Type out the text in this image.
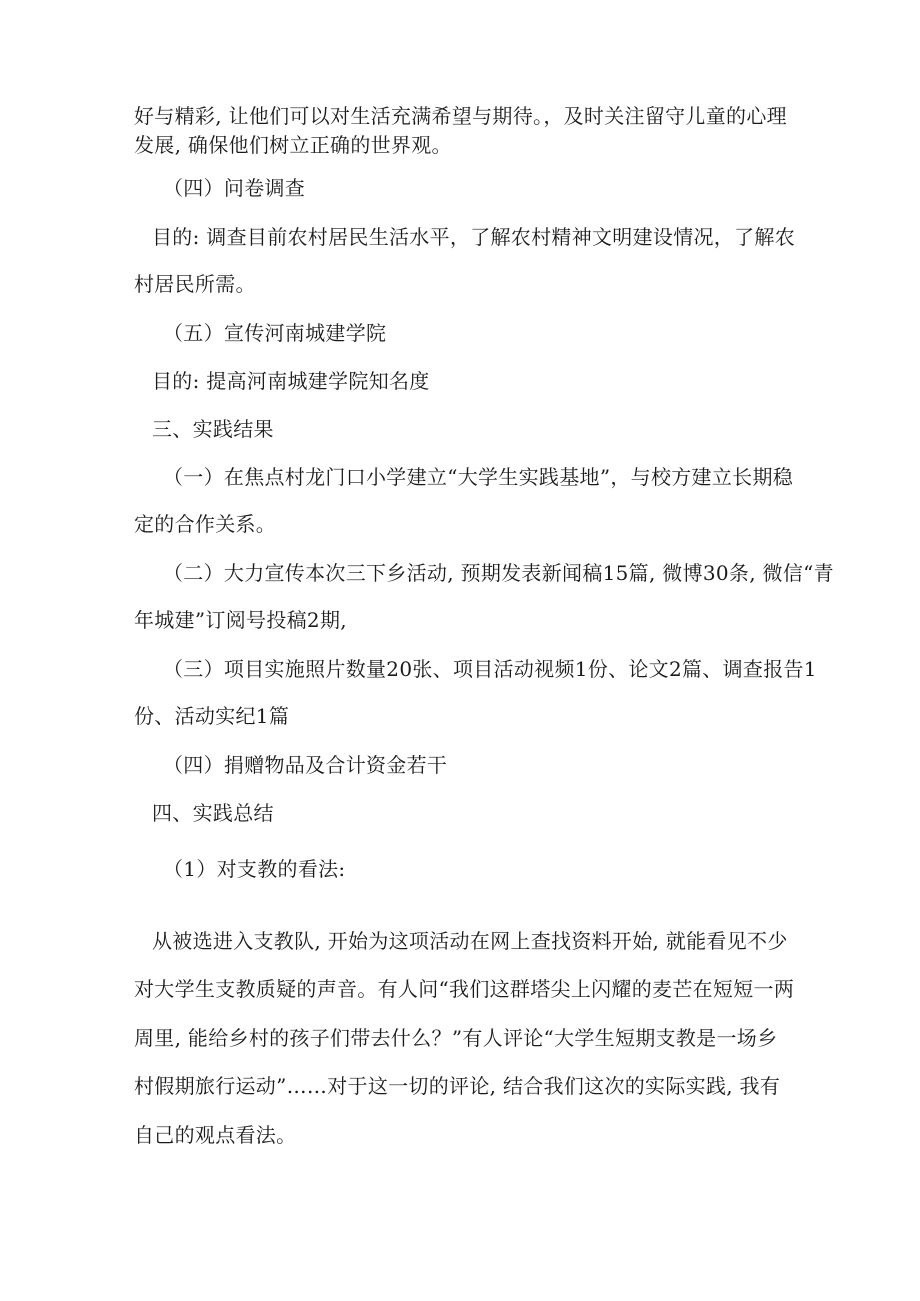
好与精彩, 让他们可以对生活充满希望与期待。，及时关注留守儿童的心理

发展, 确保他们树立正确的世界观。

（四）问卷调查

目的: 调查目前农村居民生活水平，了解农村精神文明建设情况，了解农

村居民所需。

（五）宣传河南城建学院

目的: 提高河南城建学院知名度

三、实践结果

（一）在焦点村龙门口小学建立“大学生实践基地”，与校方建立长期稳

定的合作关系。

（二）大力宣传本次三下乡活动, 预期发表新闻稿15篇, 微博30条, 微信“青

年城建”订阅号投稿2期,

（三）项目实施照片数量20张、项目活动视频1份、论文2篇、调查报告1

份、活动实纪1篇

（四）捐赠物品及合计资金若干

四、实践总结

（1）对支教的看法:

从被选进入支教队, 开始为这项活动在网上查找资料开始, 就能看见不少

对大学生支教质疑的声音。有人问“我们这群塔尖上闪耀的麦芒在短短一两

周里, 能给乡村的孩子们带去什么？”有人评论“大学生短期支教是一场乡

村假期旅行运动”……对于这一切的评论, 结合我们这次的实际实践, 我有

自己的观点看法。
